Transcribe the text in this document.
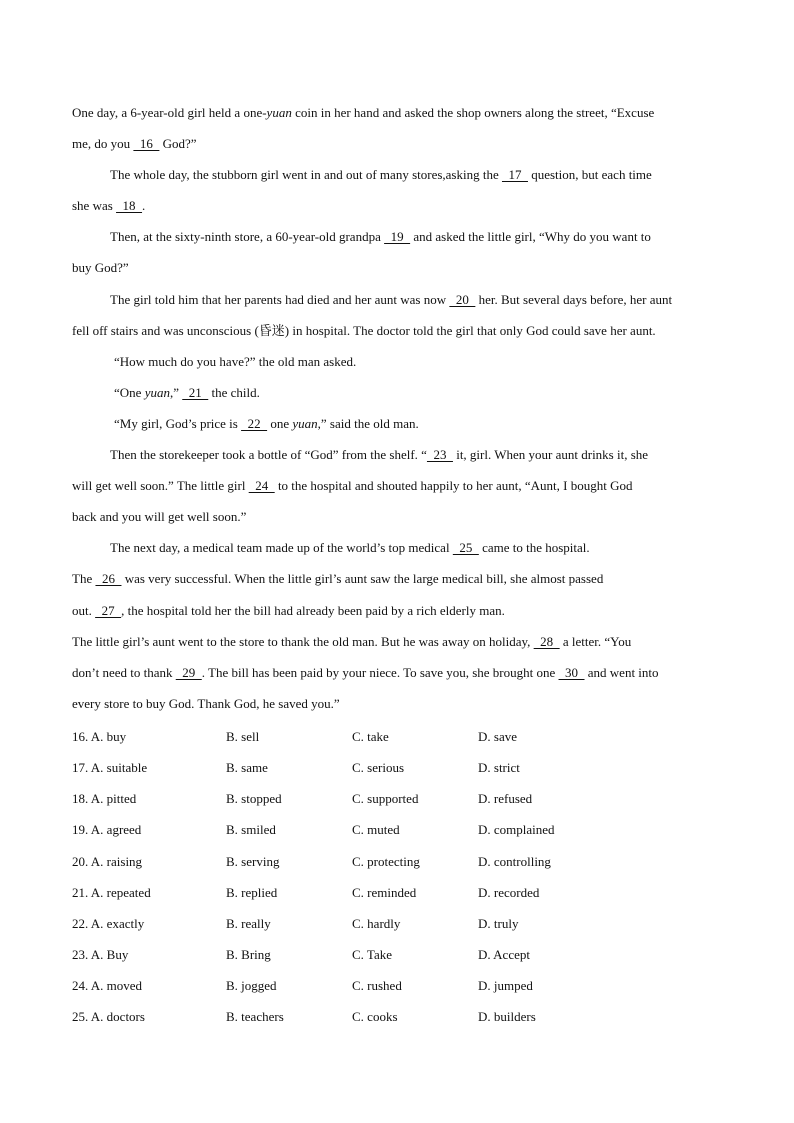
One day, a 6-year-old girl held a one-yuan coin in her hand and asked the shop owners along the street, “Excuse
me, do you   16   God?”
The whole day, the stubborn girl went in and out of many stores,asking the   17   question, but each time
she was   18  .
Then, at the sixty-ninth store, a 60-year-old grandpa   19   and asked the little girl, “Why do you want to
buy God?”
The girl told him that her parents had died and her aunt was now   20   her. But several days before, her aunt
fell off stairs and was unconscious (昏迷) in hospital. The doctor told the girl that only God could save her aunt.
“How much do you have?” the old man asked.
“One yuan,”   21   the child.
“My girl, God’s price is   22   one yuan,” said the old man.
Then the storekeeper took a bottle of “God” from the shelf. “  23   it, girl. When your aunt drinks it, she
will get well soon.” The little girl   24   to the hospital and shouted happily to her aunt, “Aunt, I bought God
back and you will get well soon.”
The next day, a medical team made up of the world’s top medical   25   came to the hospital.
The   26   was very successful. When the little girl’s aunt saw the large medical bill, she almost passed
out.   27  , the hospital told her the bill had already been paid by a rich elderly man.
The little girl’s aunt went to the store to thank the old man. But he was away on holiday,   28   a letter. “You
don’t need to thank   29  . The bill has been paid by your niece. To save you, she brought one   30   and went into
every store to buy God. Thank God, he saved you.”
16. A. buy	B. sell	C. take	D. save
17. A. suitable	B. same	C. serious	D. strict
18. A. pitted	B. stopped	C. supported	D. refused
19. A. agreed	B. smiled	C. muted	D. complained
20. A. raising	B. serving	C. protecting	D. controlling
21. A. repeated	B. replied	C. reminded	D. recorded
22. A. exactly	B. really	C. hardly	D. truly
23. A. Buy	B. Bring	C. Take	D. Accept
24. A. moved	B. jogged	C. rushed	D. jumped
25. A. doctors	B. teachers	C. cooks	D. builders
